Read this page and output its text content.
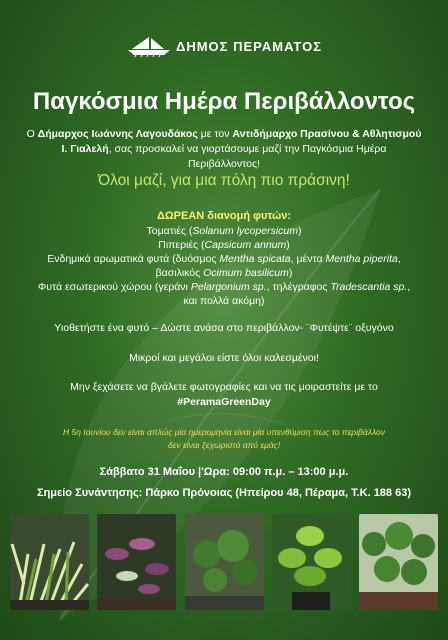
ΔΗΜΟΣ ΠΕΡΑΜΑΤΟΣ
Παγκόσμια Ημέρα Περιβάλλοντος
Ο Δήμαρχος Ιωάννης Λαγουδάκος με τον Αντιδήμαρχο Πρασίνου & Αθλητισμού
Ι. Γιαλελή, σας προσκαλεί να γιορτάσουμε μαζί την Παγκόσμια Ημέρα
Περιβάλλοντος!
Όλοι μαζί, για μια πόλη πιο πράσινη!
ΔΩΡΕΑΝ διανομή φυτών:
Τοματιές (Solanum lycopersicum)
Πιπεριές (Capsicum annum)
Ενδημικά αρωματικά φυτά (δυόσμος Mentha spicata, μέντα Mentha piperita,
βασιλικός Ocimum basilicum)
Φυτά εσωτερικού χώρου (γεράνι Pelargonium sp., τηλέγραφος Tradescantia sp.,
και πολλά ακόμη)
Υιοθετήστε ένα φυτό – Δώστε ανάσα στο περιβάλλον- ¨Φυτέψτε¨ οξυγόνο
Μικροί και μεγάλοι είστε όλοι καλεσμένοι!
Μην ξεχάσετε να βγάλετε φωτογραφίες και να τις μοιραστείτε με το
#PeramaGreenDay
Η 5η Ιουνίου δεν είναι απλώς μία ημερομηνία είναι μία υπενθύμιση πως το περιβάλλον
δεν είναι ξεχωριστό από εμάς!
Σάββατο 31 Μαΐου |'Ωρα: 09:00 π.μ. – 13:00 μ.μ.
Σημείο Συνάντησης: Πάρκο Πρόνοιας (Ηπείρου 48, Πέραμα, Τ.Κ. 188 63)
